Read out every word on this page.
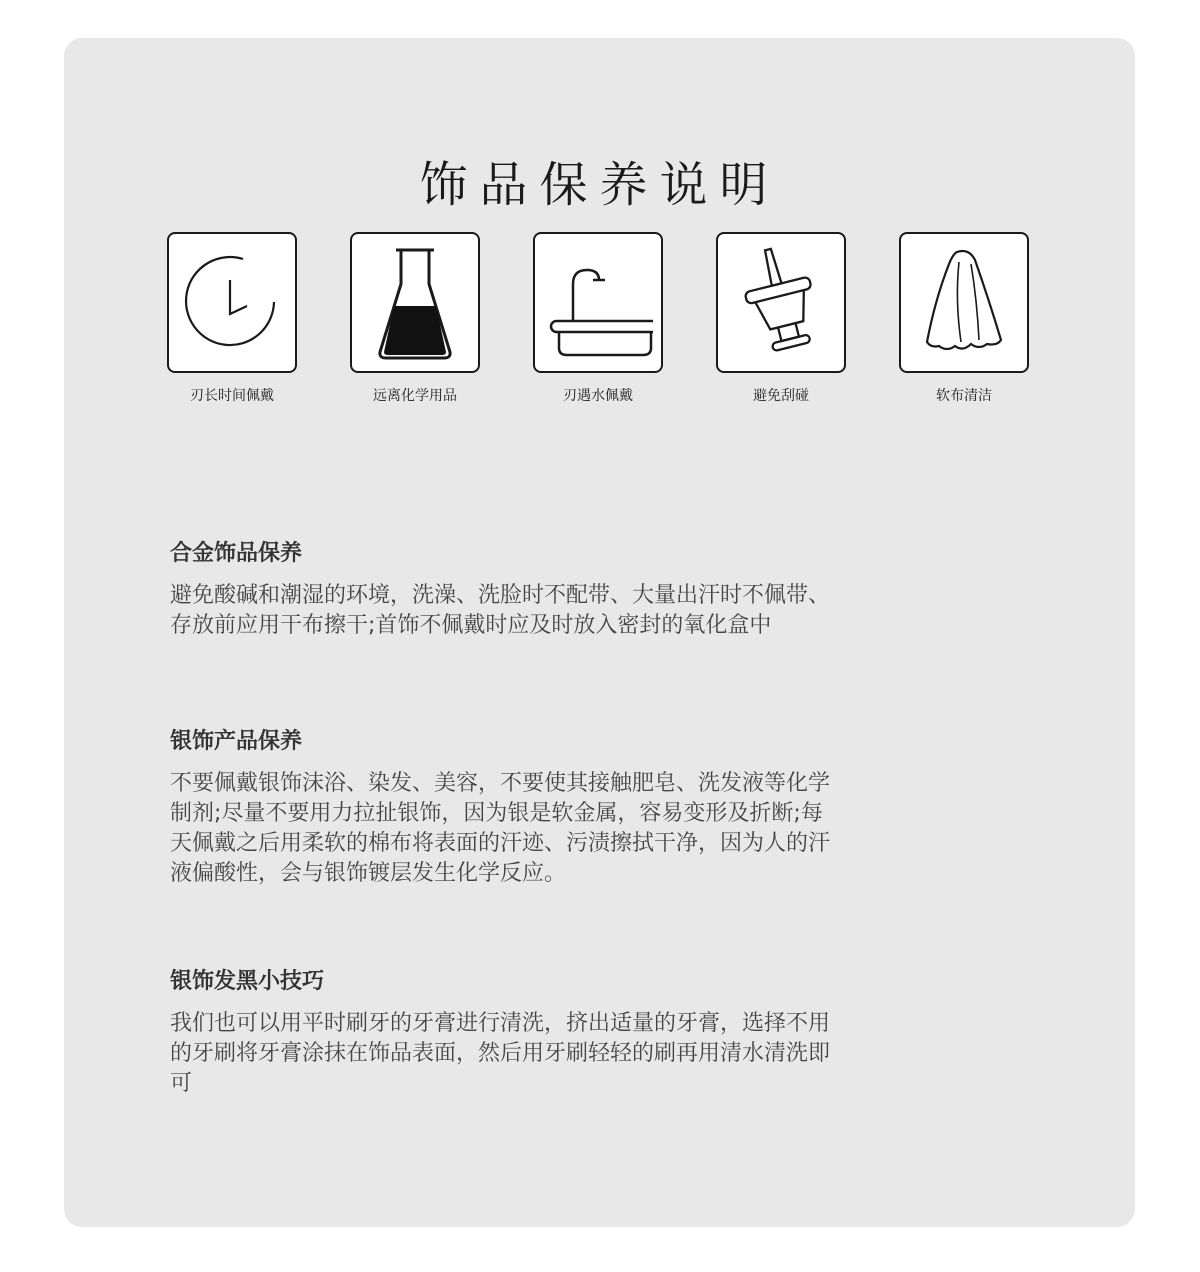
饰品保养说明
刃长时间佩戴	远离化学用品	刃遇水佩戴	避免刮碰	软布清洁
合金饰品保养
避免酸碱和潮湿的环境，洗澡、洗脸时不配带、大量出汗时不佩带、
存放前应用干布擦干;首饰不佩戴时应及时放入密封的氧化盒中
银饰产品保养
不要佩戴银饰沫浴、染发、美容，不要使其接触肥皂、洗发液等化学
制剂;尽量不要用力拉扯银饰，因为银是软金属，容易变形及折断;每
天佩戴之后用柔软的棉布将表面的汗迹、污渍擦拭干净，因为人的汗
液偏酸性，会与银饰镀层发生化学反应。
银饰发黑小技巧
我们也可以用平时刷牙的牙膏进行清洗，挤出适量的牙膏，选择不用
的牙刷将牙膏涂抹在饰品表面，然后用牙刷轻轻的刷再用清水清洗即
可
